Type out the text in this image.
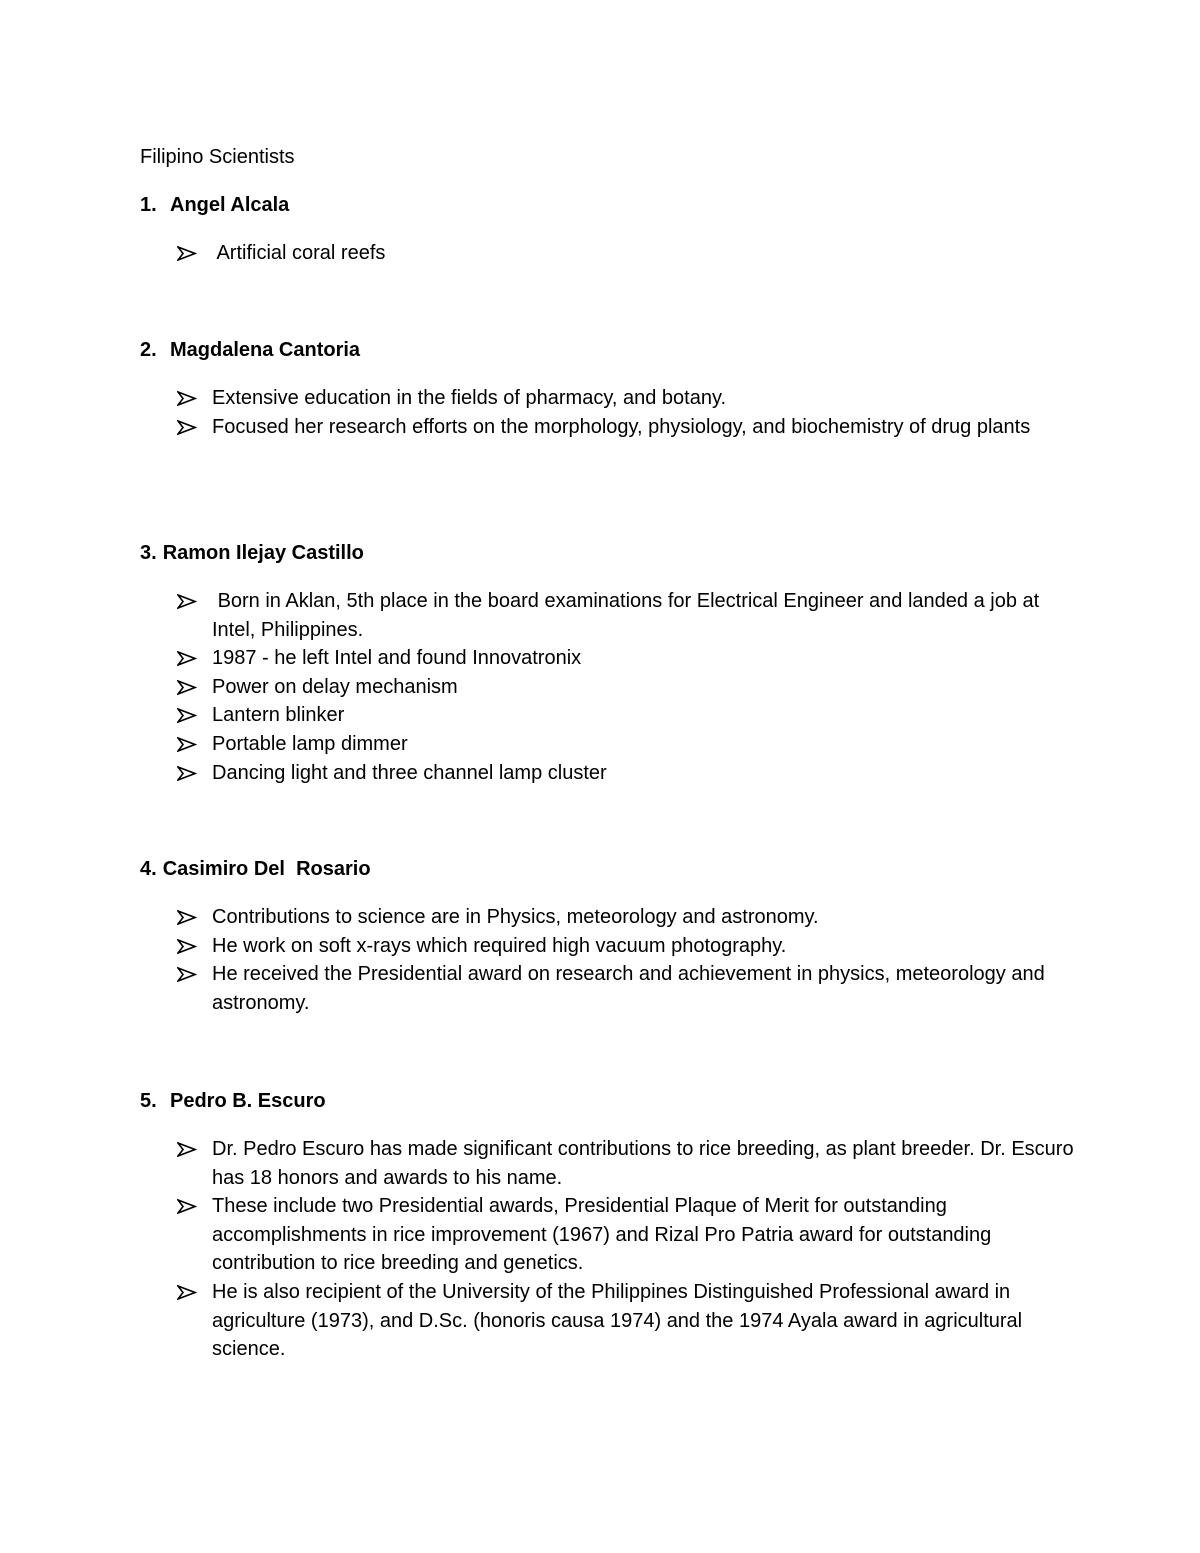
Filipino Scientists
1. Angel Alcala
Artificial coral reefs
2. Magdalena Cantoria
Extensive education in the fields of pharmacy, and botany.
Focused her research efforts on the morphology, physiology, and biochemistry of drug plants
3. Ramon Ilejay Castillo
Born in Aklan, 5th place in the board examinations for Electrical Engineer and landed a job at Intel, Philippines.
1987 - he left Intel and found Innovatronix
Power on delay mechanism
Lantern blinker
Portable lamp dimmer
Dancing light and three channel lamp cluster
4. Casimiro Del  Rosario
Contributions to science are in Physics, meteorology and astronomy.
He work on soft x-rays which required high vacuum photography.
He received the Presidential award on research and achievement in physics, meteorology and astronomy.
5. Pedro B. Escuro
Dr. Pedro Escuro has made significant contributions to rice breeding, as plant breeder. Dr. Escuro has 18 honors and awards to his name.
These include two Presidential awards, Presidential Plaque of Merit for outstanding accomplishments in rice improvement (1967) and Rizal Pro Patria award for outstanding contribution to rice breeding and genetics.
He is also recipient of the University of the Philippines Distinguished Professional award in agriculture (1973), and D.Sc. (honoris causa 1974) and the 1974 Ayala award in agricultural science.
